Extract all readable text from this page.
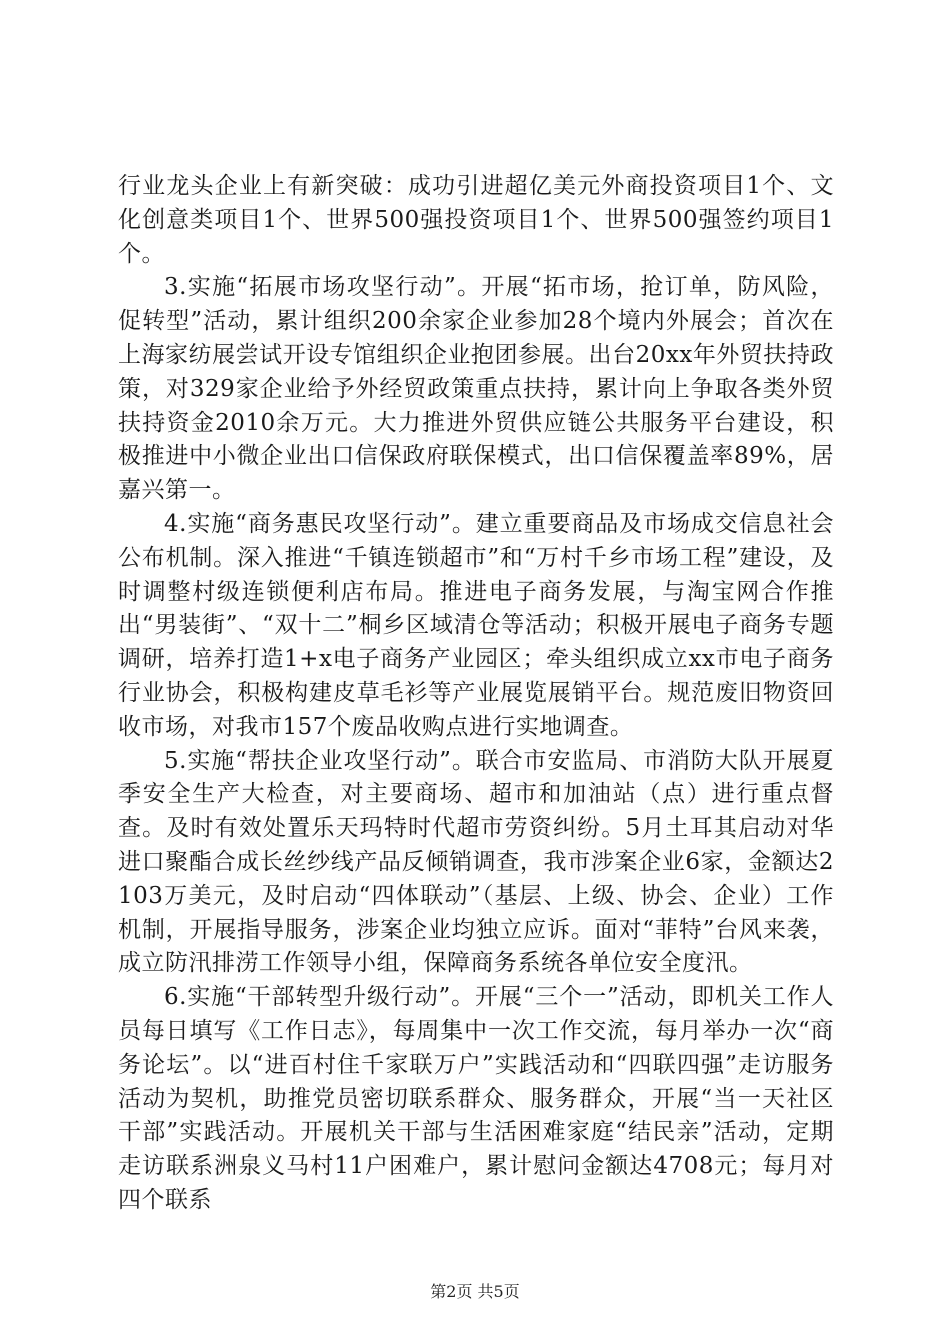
行业龙头企业上有新突破：成功引进超亿美元外商投资项目1个、文化创意类项目1个、世界500强投资项目1个、世界500强签约项目1个。

3.实施“拓展市场攻坚行动”。开展“拓市场，抢订单，防风险，促转型”活动，累计组织200余家企业参加28个境内外展会；首次在上海家纺展尝试开设专馆组织企业抱团参展。出台20xx年外贸扶持政策，对329家企业给予外经贸政策重点扶持，累计向上争取各类外贸扶持资金2010余万元。大力推进外贸供应链公共服务平台建设，积极推进中小微企业出口信保政府联保模式，出口信保覆盖率89%，居嘉兴第一。

4.实施“商务惠民攻坚行动”。建立重要商品及市场成交信息社会公布机制。深入推进“千镇连锁超市”和“万村千乡市场工程”建设，及时调整村级连锁便利店布局。推进电子商务发展，与淘宝网合作推出“男装街”、“双十二”桐乡区域清仓等活动；积极开展电子商务专题调研，培养打造1+x电子商务产业园区；牵头组织成立xx市电子商务行业协会，积极构建皮草毛衫等产业展览展销平台。规范废旧物资回收市场，对我市157个废品收购点进行实地调查。

5.实施“帮扶企业攻坚行动”。联合市安监局、市消防大队开展夏季安全生产大检查，对主要商场、超市和加油站（点）进行重点督查。及时有效处置乐天玛特时代超市劳资纠纷。5月土耳其启动对华进口聚酯合成长丝纱线产品反倾销调查，我市涉案企业6家，金额达2103万美元，及时启动“四体联动”（基层、上级、协会、企业）工作机制，开展指导服务，涉案企业均独立应诉。面对“菲特”台风来袭，成立防汛排涝工作领导小组，保障商务系统各单位安全度汛。

6.实施“干部转型升级行动”。开展“三个一”活动，即机关工作人员每日填写《工作日志》，每周集中一次工作交流，每月举办一次“商务论坛”。以“进百村住千家联万户”实践活动和“四联四强”走访服务活动为契机，助推党员密切联系群众、服务群众，开展“当一天社区干部”实践活动。开展机关干部与生活困难家庭“结民亲”活动，定期走访联系洲泉义马村11户困难户，累计慰问金额达4708元；每月对四个联系

第2页 共5页
